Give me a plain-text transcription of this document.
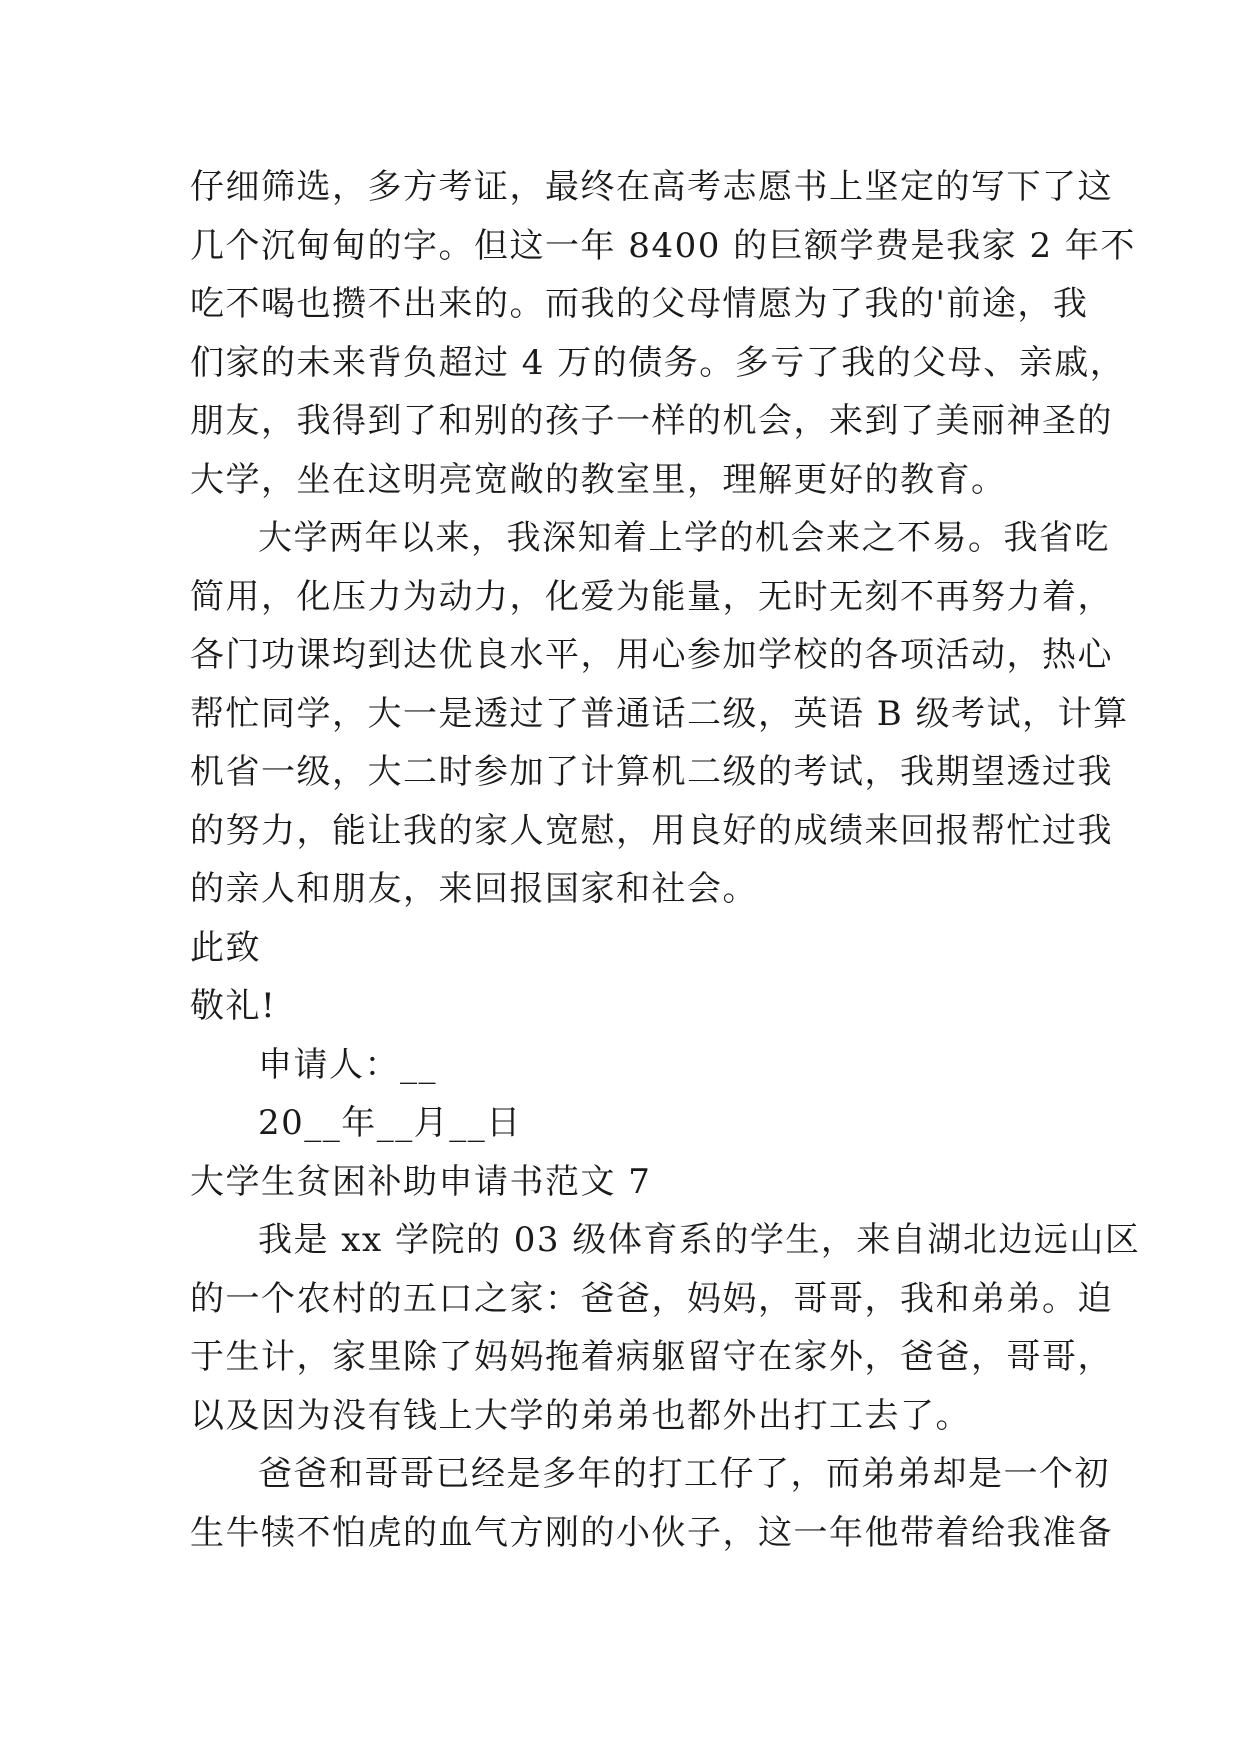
仔细筛选，多方考证，最终在高考志愿书上坚定的写下了这
几个沉甸甸的字。但这一年 8400 的巨额学费是我家 2 年不
吃不喝也攒不出来的。而我的父母情愿为了我的'前途，我
们家的未来背负超过 4 万的债务。多亏了我的父母、亲戚，
朋友，我得到了和别的孩子一样的机会，来到了美丽神圣的
大学，坐在这明亮宽敞的教室里，理解更好的教育。
大学两年以来，我深知着上学的机会来之不易。我省吃
简用，化压力为动力，化爱为能量，无时无刻不再努力着，
各门功课均到达优良水平，用心参加学校的各项活动，热心
帮忙同学，大一是透过了普通话二级，英语 B 级考试，计算
机省一级，大二时参加了计算机二级的考试，我期望透过我
的努力，能让我的家人宽慰，用良好的成绩来回报帮忙过我
的亲人和朋友，来回报国家和社会。
此致
敬礼!
申请人：__
20__年__月__日
大学生贫困补助申请书范文 7
我是 xx 学院的 03 级体育系的学生，来自湖北边远山区
的一个农村的五口之家：爸爸，妈妈，哥哥，我和弟弟。迫
于生计，家里除了妈妈拖着病躯留守在家外，爸爸，哥哥，
以及因为没有钱上大学的弟弟也都外出打工去了。
爸爸和哥哥已经是多年的打工仔了，而弟弟却是一个初
生牛犊不怕虎的血气方刚的小伙子，这一年他带着给我准备
